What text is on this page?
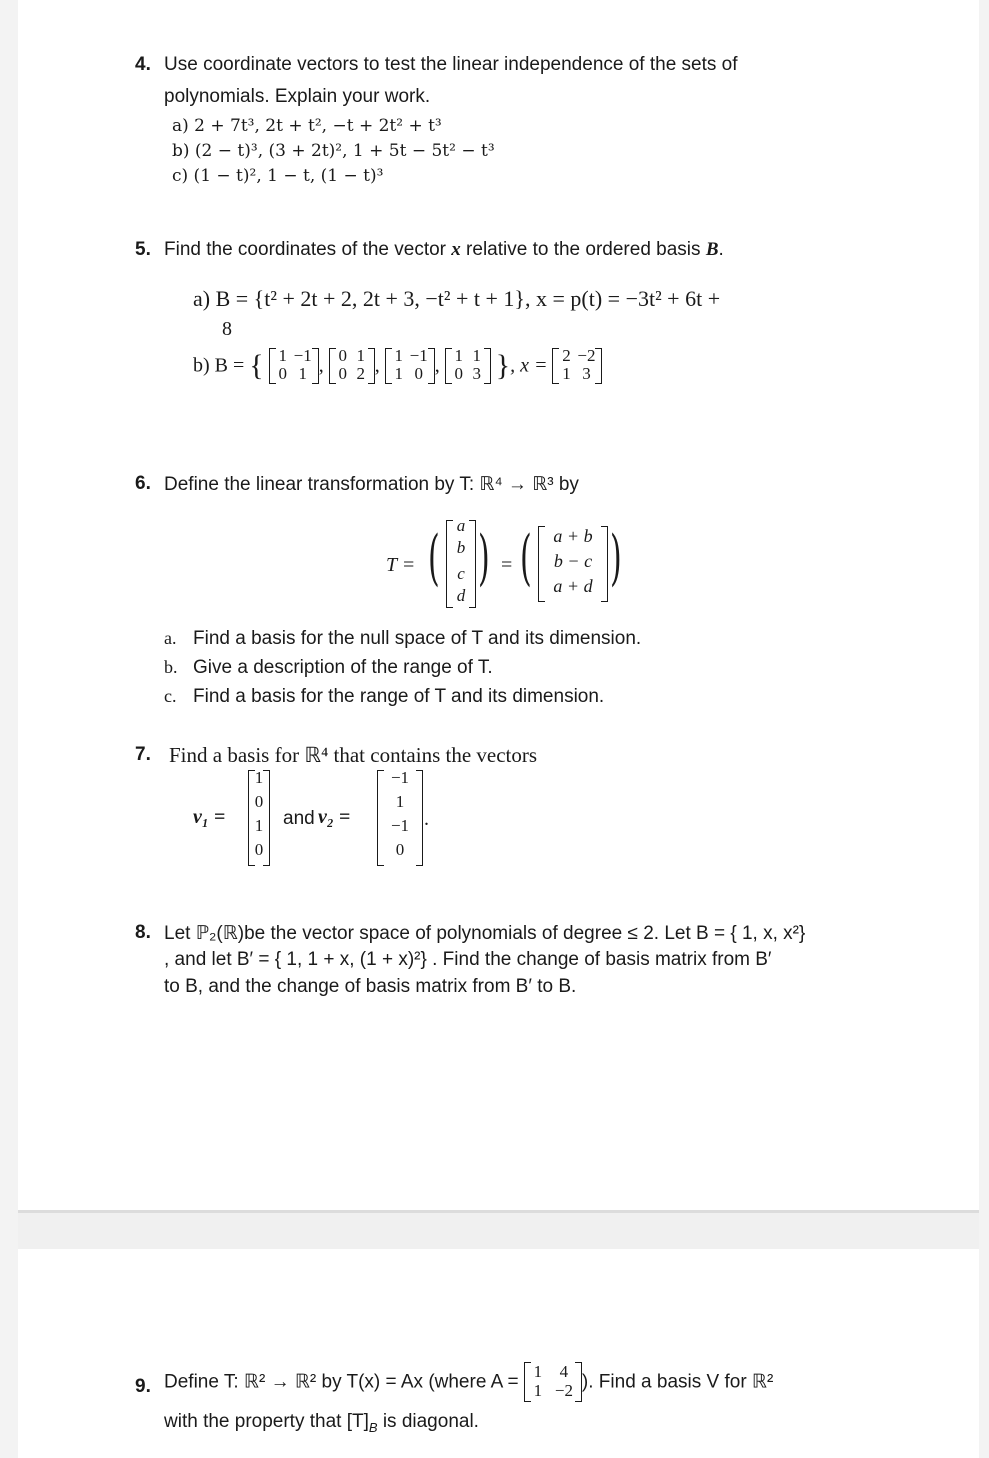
4. Use coordinate vectors to test the linear independence of the sets of
polynomials. Explain your work.
a) 2 + 7t³, 2t + t², −t + 2t² + t³
b) (2 − t)³, (3 + 2t)², 1 + 5t − 5t² − t³
c) (1 − t)², 1 − t, (1 − t)³
5. Find the coordinates of the vector x relative to the ordered basis B.
a) B = {t² + 2t + 2, 2t + 3, −t² + t + 1}, x = p(t) = −3t² + 6t +
8
b) B = { 1 −1
0 1 , 0 1
0 2 , 1 −1
1 0 , 1 1
0 3 }, x = 2 −2
1 3
6. Define the linear transformation by T: ℝ⁴ → ℝ³ by
T = ( a
b
c
d
) = (	a + b
b − c
a + d )
a. Find a basis for the null space of T and its dimension.
b. Give a description of the range of T.
c. Find a basis for the range of T and its dimension.
7. Find a basis for ℝ⁴ that contains the vectors
v₁ =
1
0
1
0
and v₂ =
−1
1
−1
0
.
8. Let ℙ₂(ℝ)be the vector space of polynomials of degree ≤ 2. Let B = { 1, x, x²}
, and let B′ = { 1, 1 + x, (1 + x)²} . Find the change of basis matrix from B′
to B, and the change of basis matrix from B′ to B.
9. Define T: ℝ² → ℝ² by T(x) = Ax (where A = 1	4
1 −2 ). Find a basis V for ℝ²
with the property that $[T]_B$ is diagonal.
